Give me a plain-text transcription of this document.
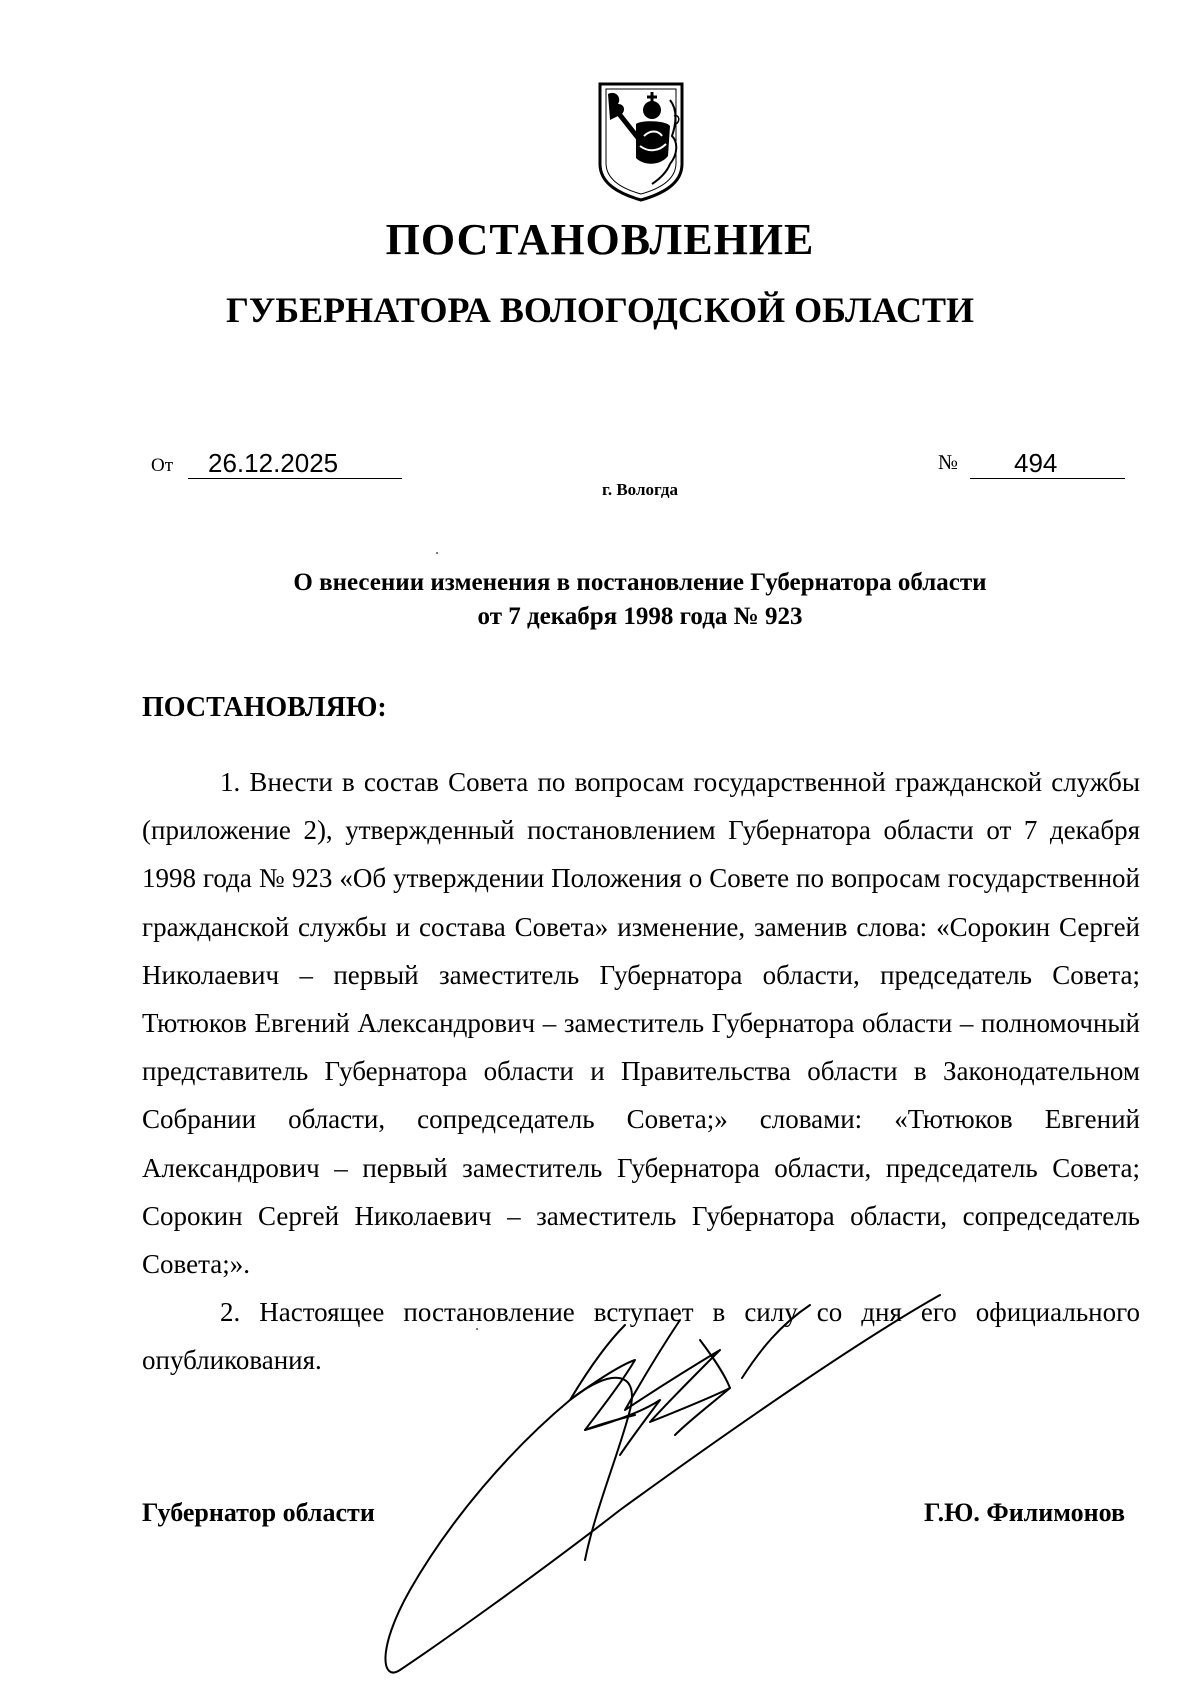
ПОСТАНОВЛЕНИЕ
ГУБЕРНАТОРА ВОЛОГОДСКОЙ ОБЛАСТИ
От	26.12.2025	№	494
г. Вологда
О внесении изменения в постановление Губернатора области
от 7 декабря 1998 года № 923
ПОСТАНОВЛЯЮ:

1. Внести в состав Совета по вопросам государственной гражданской службы (приложение 2), утвержденный постановлением Губернатора области от 7 декабря 1998 года № 923 «Об утверждении Положения о Совете по вопросам государственной гражданской службы и состава Совета» изменение, заменив слова: «Сорокин Сергей Николаевич – первый заместитель Губернатора области, председатель Совета; Тютюков Евгений Александрович – заместитель Губернатора области – полномочный представитель Губернатора области и Правительства области в Законодательном Собрании области, сопредседатель Совета;» словами: «Тютюков Евгений Александрович – первый заместитель Губернатора области, председатель Совета; Сорокин Сергей Николаевич – заместитель Губернатора области, сопредседатель Совета;».

2. Настоящее постановление вступает в силу со дня его официального опубликования.

Губернатор области	Г.Ю. Филимонов
